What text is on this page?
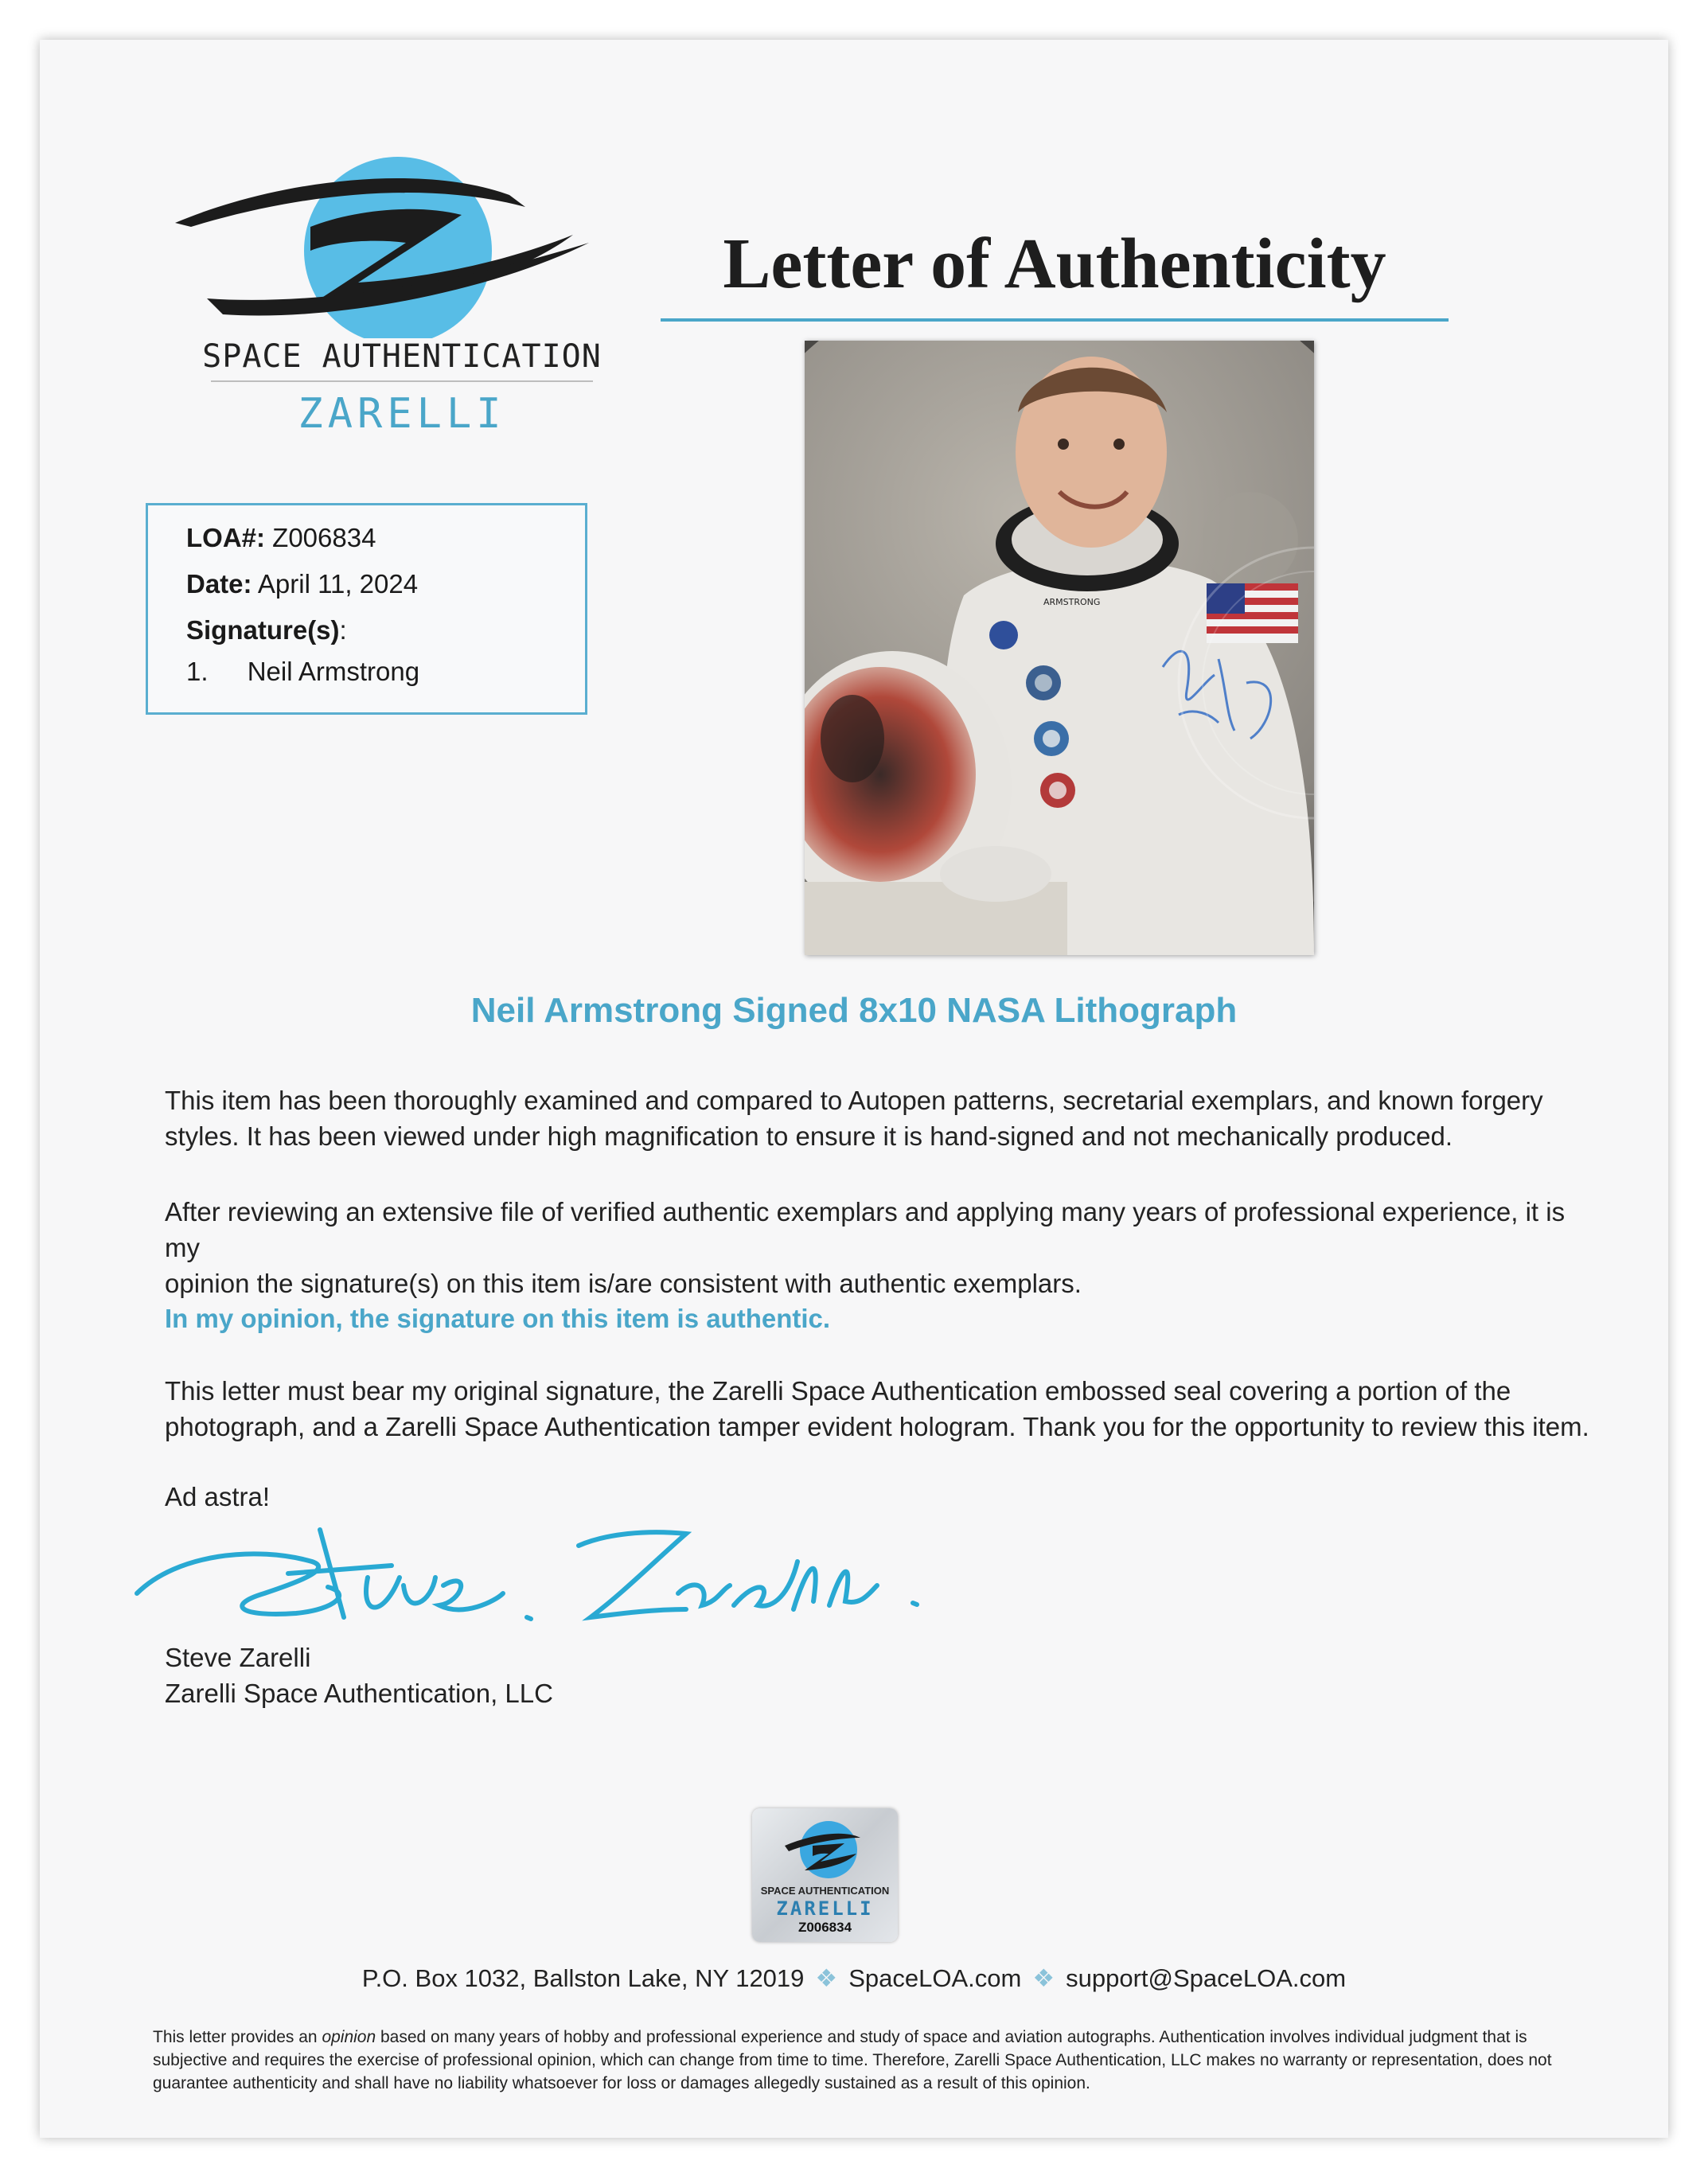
SPACE AUTHENTICATION
ZARELLI
Letter of Authenticity
LOA#: Z006834
Date: April 11, 2024
Signature(s):
1. Neil Armstrong
ARMSTRONG
Neil Armstrong Signed 8x10 NASA Lithograph
This item has been thoroughly examined and compared to Autopen patterns, secretarial exemplars, and known forgery
styles. It has been viewed under high magnification to ensure it is hand-signed and not mechanically produced.
After reviewing an extensive file of verified authentic exemplars and applying many years of professional experience, it is my
opinion the signature(s) on this item is/are consistent with authentic exemplars.
In my opinion, the signature on this item is authentic.
This letter must bear my original signature, the Zarelli Space Authentication embossed seal covering a portion of the
photograph, and a Zarelli Space Authentication tamper evident hologram. Thank you for the opportunity to review this item.
Ad astra!
Steve Zarelli
Zarelli Space Authentication, LLC
SPACE AUTHENTICATION
ZARELLI
Z006834
P.O. Box 1032, Ballston Lake, NY 12019 ❖ SpaceLOA.com ❖ support@SpaceLOA.com
This letter provides an opinion based on many years of hobby and professional experience and study of space and aviation autographs. Authentication involves individual judgment that is
subjective and requires the exercise of professional opinion, which can change from time to time. Therefore, Zarelli Space Authentication, LLC makes no warranty or representation, does not
guarantee authenticity and shall have no liability whatsoever for loss or damages allegedly sustained as a result of this opinion.
